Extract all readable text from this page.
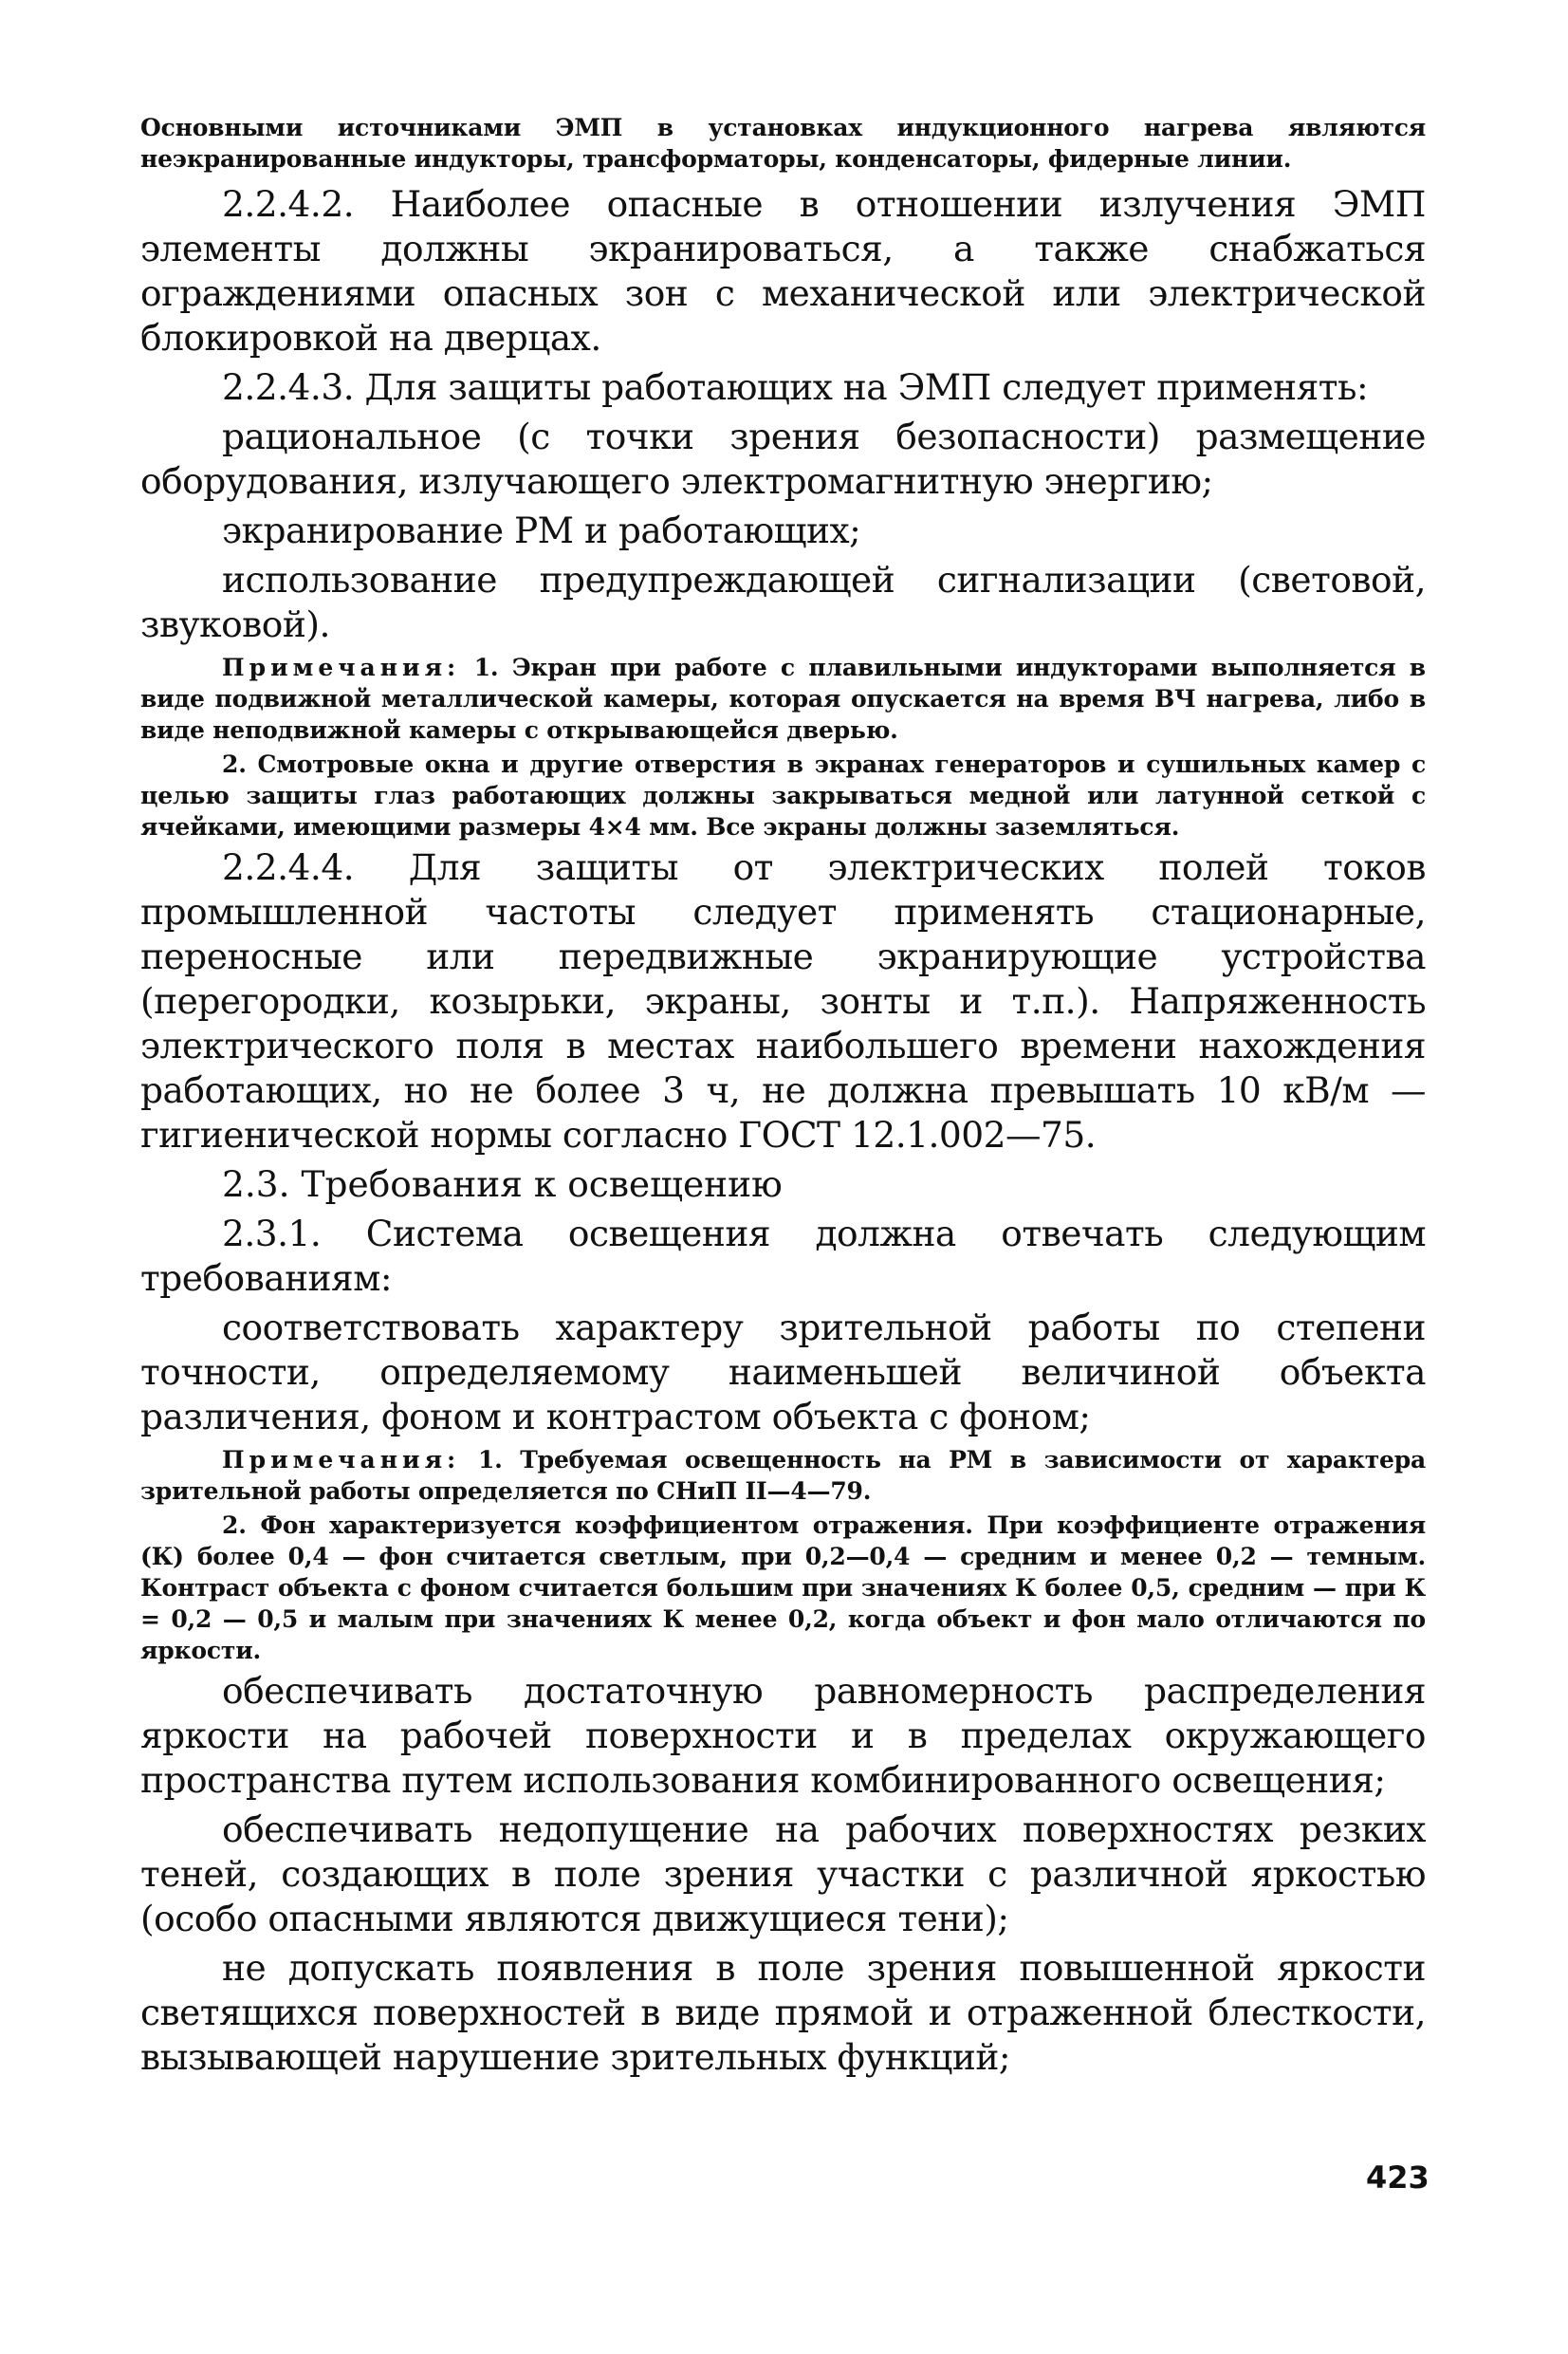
Основными источниками ЭМП в установках индукционного нагрева являются неэкранированные индукторы, трансформаторы, конденсаторы, фидерные линии.

2.2.4.2. Наиболее опасные в отношении излучения ЭМП элементы должны экранироваться, а также снабжаться ограждениями опасных зон с механической или электрической блокировкой на дверцах.

2.2.4.3. Для защиты работающих на ЭМП следует применять:

рациональное (с точки зрения безопасности) размещение оборудования, излучающего электромагнитную энергию;

экранирование РМ и работающих;

использование предупреждающей сигнализации (световой, звуковой).

Примечания: 1. Экран при работе с плавильными индукторами выполняется в виде подвижной металлической камеры, которая опускается на время ВЧ нагрева, либо в виде неподвижной камеры с открывающейся дверью.

2. Смотровые окна и другие отверстия в экранах генераторов и сушильных камер с целью защиты глаз работающих должны закрываться медной или латунной сеткой с ячейками, имеющими размеры 4×4 мм. Все экраны должны заземляться.

2.2.4.4. Для защиты от электрических полей токов промышленной частоты следует применять стационарные, переносные или передвижные экранирующие устройства (перегородки, козырьки, экраны, зонты и т.п.). Напряженность электрического поля в местах наибольшего времени нахождения работающих, но не более 3 ч, не должна превышать 10 кВ/м — гигиенической нормы согласно ГОСТ 12.1.002—75.

2.3. Требования к освещению

2.3.1. Система освещения должна отвечать следующим требованиям:

соответствовать характеру зрительной работы по степени точности, определяемому наименьшей величиной объекта различения, фоном и контрастом объекта с фоном;

Примечания: 1. Требуемая освещенность на РМ в зависимости от характера зрительной работы определяется по СНиП II—4—79.

2. Фон характеризуется коэффициентом отражения. При коэффициенте отражения (К) более 0,4 — фон считается светлым, при 0,2—0,4 — средним и менее 0,2 — темным. Контраст объекта с фоном считается большим при значениях К более 0,5, средним — при К = 0,2 — 0,5 и малым при значениях К менее 0,2, когда объект и фон мало отличаются по яркости.

обеспечивать достаточную равномерность распределения яркости на рабочей поверхности и в пределах окружающего пространства путем использования комбинированного освещения;

обеспечивать недопущение на рабочих поверхностях резких теней, создающих в поле зрения участки с различной яркостью (особо опасными являются движущиеся тени);

не допускать появления в поле зрения повышенной яркости светящихся поверхностей в виде прямой и отраженной блесткости, вызывающей нарушение зрительных функций;

423
